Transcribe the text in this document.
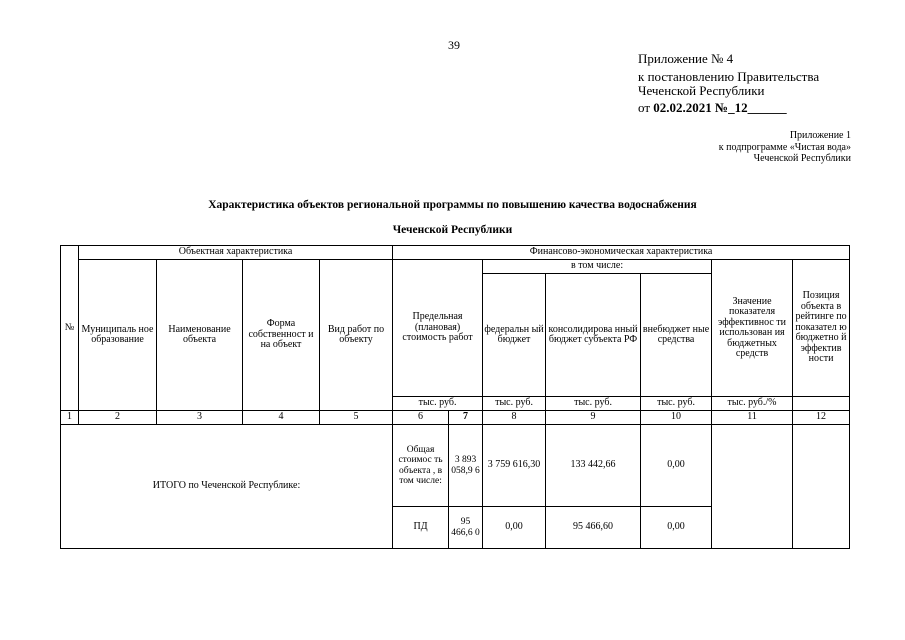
39
Приложение № 4
к постановлению Правительства
Чеченской Республики
от 02.02.2021 №_12______
Приложение 1
к подпрограмме «Чистая вода»
Чеченской Республики
Характеристика объектов региональной программы по повышению качества водоснабжения
Чеченской Республики
№	Объектная характеристика				Финансово-экономическая характеристика						
	Муниципаль ное образование	Наименование объекта	Форма собственност и на объект	Вид работ по объекту	Предельная (плановая) стоимость работ		в том числе:			Значение показателя эффективнос ти использован ия бюджетных средств	Позиция объекта в рейтинге по показател ю бюджетно й эффектив ности
							федеральн ый бюджет	консолидирова нный бюджет субъекта РФ	внебюджет ные средства		
					тыс. руб.		тыс. руб.	тыс. руб.	тыс. руб.	тыс. руб./%	
1	2	3	4	5	6	7	8	9	10	11	12
ИТОГО по Чеченской Республике:					Общая стоимос ть объекта , в том числе:	3 893 058,9 6	3 759 616,30	133 442,66	0,00		
					ПД	95 466,6 0	0,00	95 466,60	0,00		
